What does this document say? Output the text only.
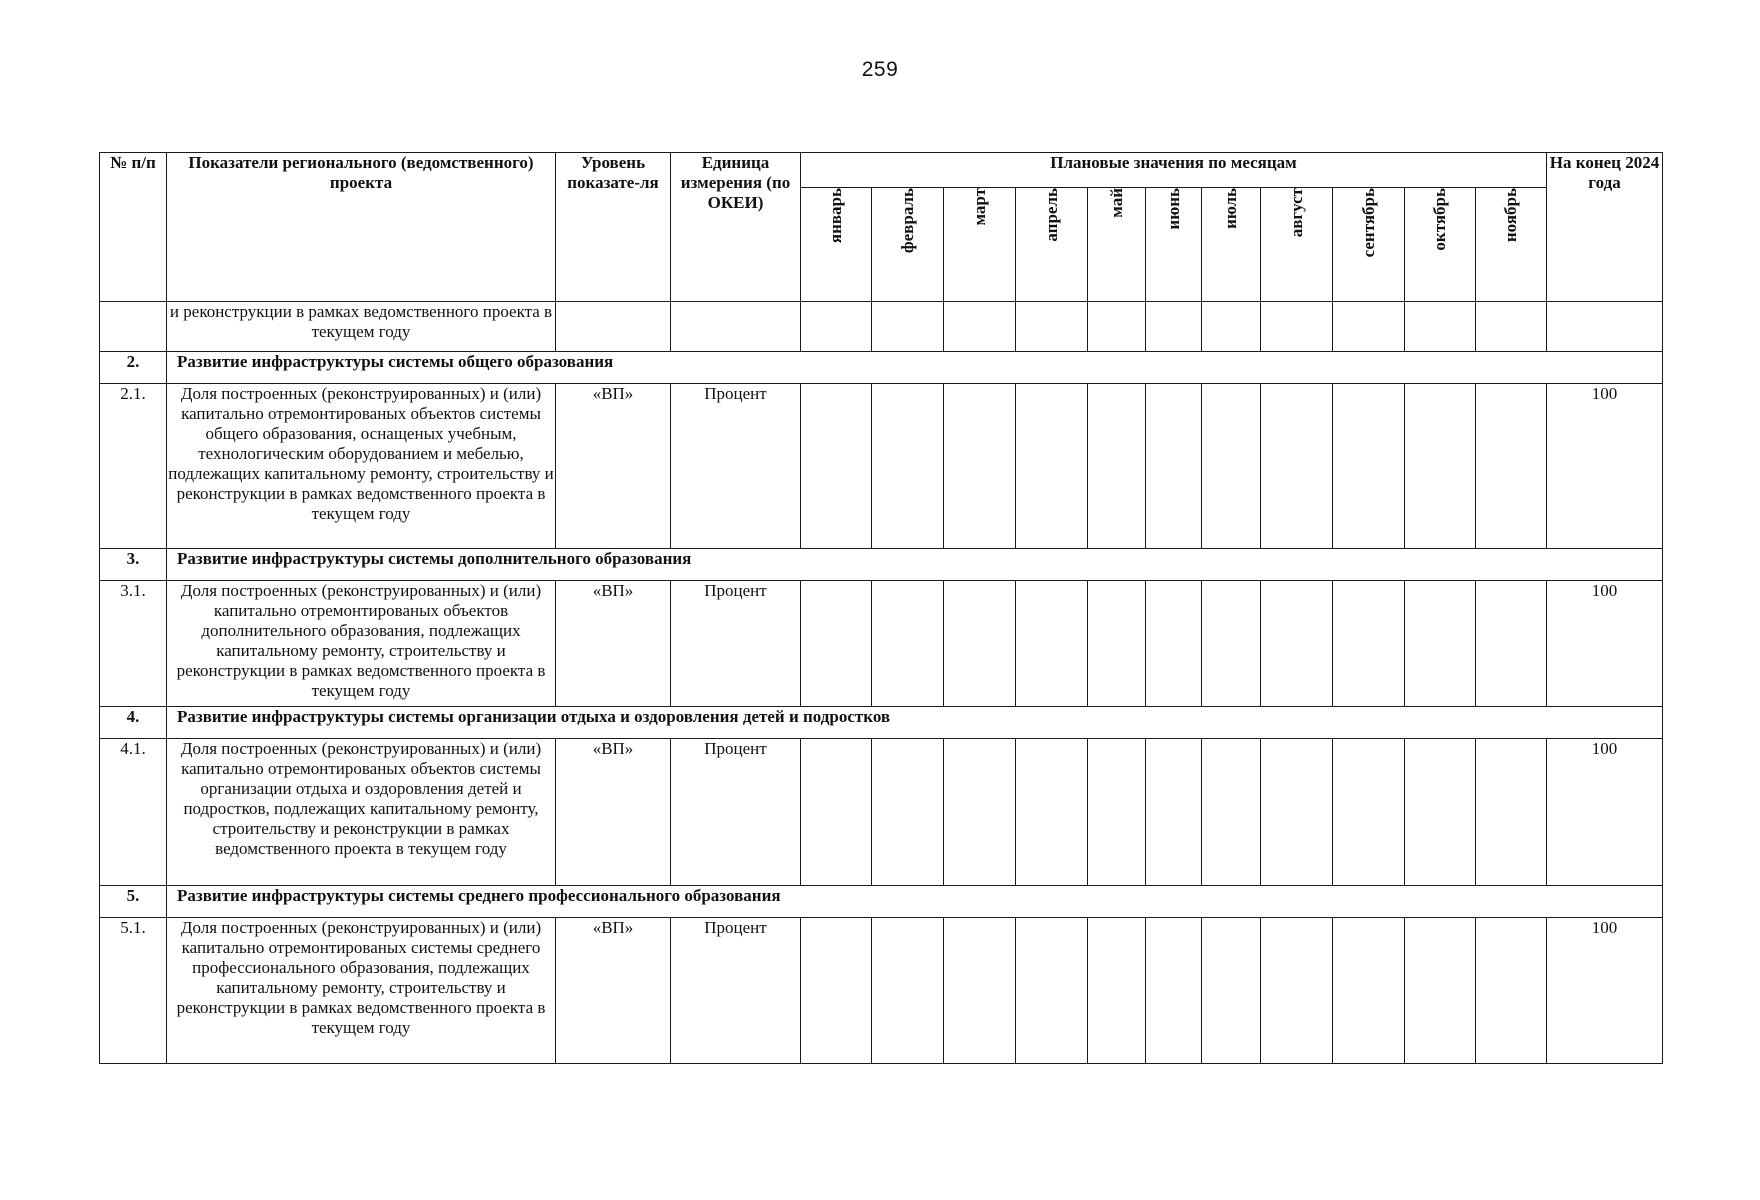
259
№ п/п	Показатели регионального (ведомственного) проекта	Уровень показате-ля	Единица измерения (по ОКЕИ)	Плановые значения по месяцам											На конец 2024 года
				январь	февраль	март	апрель	май	июнь	июль	август	сентябрь	октябрь	ноябрь	
	и реконструкции в рамках ведомственного проекта в текущем году														
2.	Развитие инфраструктуры системы общего образования														
2.1.	Доля построенных (реконструированных) и (или) капитально отремонтированых объектов системы общего образования, оснащеных учебным, технологическим оборудованием и мебелью, подлежащих капитальному ремонту, строительству и реконструкции в рамках ведомственного проекта в текущем году	«ВП»	Процент												100
3.	Развитие инфраструктуры системы дополнительного образования														
3.1.	Доля построенных (реконструированных) и (или) капитально отремонтированых объектов дополнительного образования, подлежащих капитальному ремонту, строительству и реконструкции в рамках ведомственного проекта в текущем году	«ВП»	Процент												100
4.	Развитие инфраструктуры системы организации отдыха и оздоровления детей и подростков														
4.1.	Доля построенных (реконструированных) и (или) капитально отремонтированых объектов системы организации отдыха и оздоровления детей и подростков, подлежащих капитальному ремонту, строительству и реконструкции в рамках ведомственного проекта в текущем году	«ВП»	Процент												100
5.	Развитие инфраструктуры системы среднего профессионального образования														
5.1.	Доля построенных (реконструированных) и (или) капитально отремонтированых системы среднего профессионального образования, подлежащих капитальному ремонту, строительству и реконструкции в рамках ведомственного проекта в текущем году	«ВП»	Процент												100
